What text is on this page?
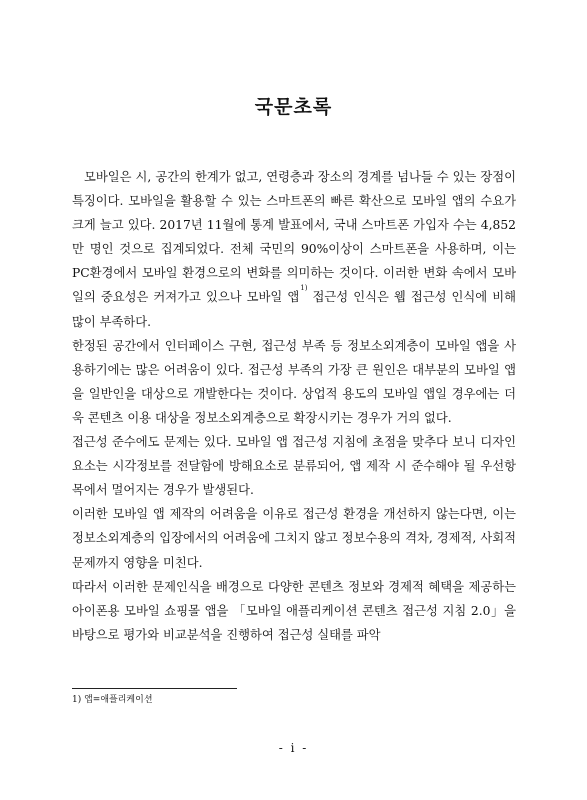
국문초록

모바일은 시, 공간의 한계가 없고, 연령층과 장소의 경계를 넘나들 수 있는 장점이 특징이다. 모바일을 활용할 수 있는 스마트폰의 빠른 확산으로 모바일 앱의 수요가 크게 늘고 있다. 2017년 11월에 통계 발표에서, 국내 스마트폰 가입자 수는 4,852만 명인 것으로 집계되었다. 전체 국민의 90%이상이 스마트폰을 사용하며, 이는 PC환경에서 모바일 환경으로의 변화를 의미하는 것이다. 이러한 변화 속에서 모바일의 중요성은 커져가고 있으나 모바일 앱$^{1)}$ 접근성 인식은 웹 접근성 인식에 비해 많이 부족하다.

한정된 공간에서 인터페이스 구현, 접근성 부족 등 정보소외계층이 모바일 앱을 사용하기에는 많은 어려움이 있다. 접근성 부족의 가장 큰 원인은 대부분의 모바일 앱을 일반인을 대상으로 개발한다는 것이다. 상업적 용도의 모바일 앱일 경우에는 더욱 콘텐츠 이용 대상을 정보소외계층으로 확장시키는 경우가 거의 없다.

접근성 준수에도 문제는 있다. 모바일 앱 접근성 지침에 초점을 맞추다 보니 디자인 요소는 시각정보를 전달함에 방해요소로 분류되어, 앱 제작 시 준수해야 될 우선항목에서 멀어지는 경우가 발생된다.

이러한 모바일 앱 제작의 어려움을 이유로 접근성 환경을 개선하지 않는다면, 이는 정보소외계층의 입장에서의 어려움에 그치지 않고 정보수용의 격차, 경제적, 사회적 문제까지 영향을 미친다.

따라서 이러한 문제인식을 배경으로 다양한 콘텐츠 정보와 경제적 혜택을 제공하는 아이폰용 모바일 쇼핑몰 앱을 「모바일 애플리케이션 콘텐츠 접근성 지침 2.0」을 바탕으로 평가와 비교분석을 진행하여 접근성 실태를 파악

1) 앱=애플리케이션
- i -
